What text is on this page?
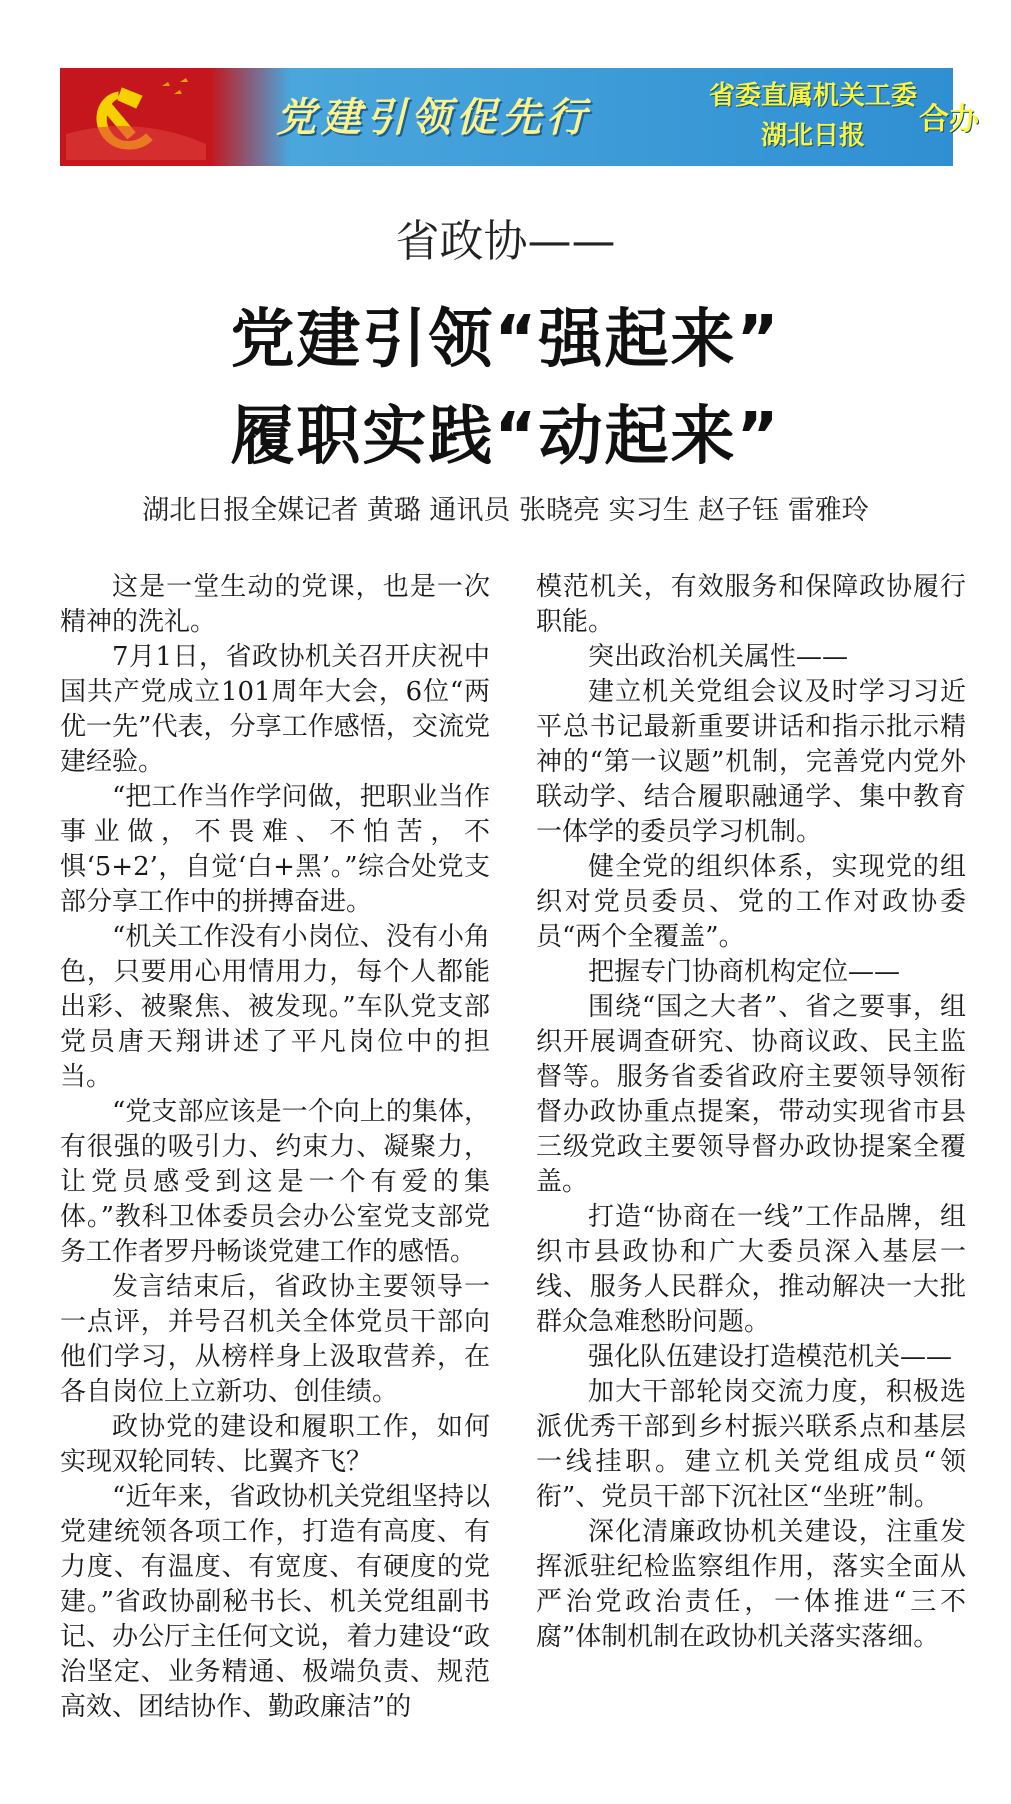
党建引领促先行	省委直属机关工委
湖北日报	合办
省政协——
党建引领“强起来”
履职实践“动起来”
湖北日报全媒记者 黄璐 通讯员 张晓亮 实习生 赵子钰 雷雅玲

这是一堂生动的党课，也是一次精神的洗礼。

7月1日，省政协机关召开庆祝中国共产党成立101周年大会，6位“两优一先”代表，分享工作感悟，交流党建经验。

“把工作当作学问做，把职业当作事业做，不畏难、不怕苦，不惧‘5+2’，自觉‘白+黑’。”综合处党支部分享工作中的拼搏奋进。

“机关工作没有小岗位、没有小角色，只要用心用情用力，每个人都能出彩、被聚焦、被发现。”车队党支部党员唐天翔讲述了平凡岗位中的担当。

“党支部应该是一个向上的集体，有很强的吸引力、约束力、凝聚力，让党员感受到这是一个有爱的集体。”教科卫体委员会办公室党支部党务工作者罗丹畅谈党建工作的感悟。

发言结束后，省政协主要领导一一点评，并号召机关全体党员干部向他们学习，从榜样身上汲取营养，在各自岗位上立新功、创佳绩。

政协党的建设和履职工作，如何实现双轮同转、比翼齐飞？

“近年来，省政协机关党组坚持以党建统领各项工作，打造有高度、有力度、有温度、有宽度、有硬度的党建。”省政协副秘书长、机关党组副书记、办公厅主任何文说，着力建设“政治坚定、业务精通、极端负责、规范高效、团结协作、勤政廉洁”的

模范机关，有效服务和保障政协履行职能。

突出政治机关属性——

建立机关党组会议及时学习习近平总书记最新重要讲话和指示批示精神的“第一议题”机制，完善党内党外联动学、结合履职融通学、集中教育一体学的委员学习机制。

健全党的组织体系，实现党的组织对党员委员、党的工作对政协委员“两个全覆盖”。

把握专门协商机构定位——

围绕“国之大者”、省之要事，组织开展调查研究、协商议政、民主监督等。服务省委省政府主要领导领衔督办政协重点提案，带动实现省市县三级党政主要领导督办政协提案全覆盖。

打造“协商在一线”工作品牌，组织市县政协和广大委员深入基层一线、服务人民群众，推动解决一大批群众急难愁盼问题。

强化队伍建设打造模范机关——

加大干部轮岗交流力度，积极选派优秀干部到乡村振兴联系点和基层一线挂职。建立机关党组成员“领衔”、党员干部下沉社区“坐班”制。

深化清廉政协机关建设，注重发挥派驻纪检监察组作用，落实全面从严治党政治责任，一体推进“三不腐”体制机制在政协机关落实落细。
